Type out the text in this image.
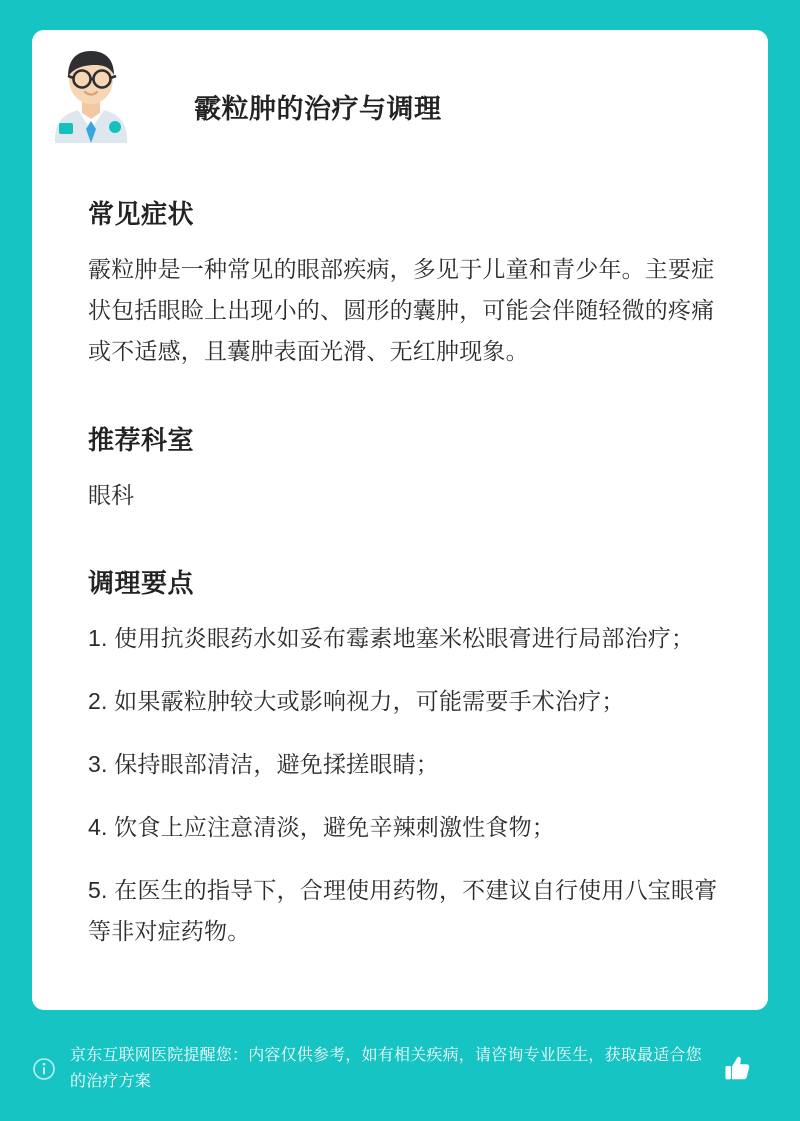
霰粒肿的治疗与调理
常见症状

霰粒肿是一种常见的眼部疾病，多见于儿童和青少年。主要症状包括眼睑上出现小的、圆形的囊肿，可能会伴随轻微的疼痛或不适感，且囊肿表面光滑、无红肿现象。

推荐科室
眼科
调理要点
1. 使用抗炎眼药水如妥布霉素地塞米松眼膏进行局部治疗；
2. 如果霰粒肿较大或影响视力，可能需要手术治疗；
3. 保持眼部清洁，避免揉搓眼睛；
4. 饮食上应注意清淡，避免辛辣刺激性食物；
5. 在医生的指导下，合理使用药物，不建议自行使用八宝眼膏等非对症药物。
京东互联网医院提醒您：内容仅供参考，如有相关疾病，请咨询专业医生，获取最适合您的治疗方案
